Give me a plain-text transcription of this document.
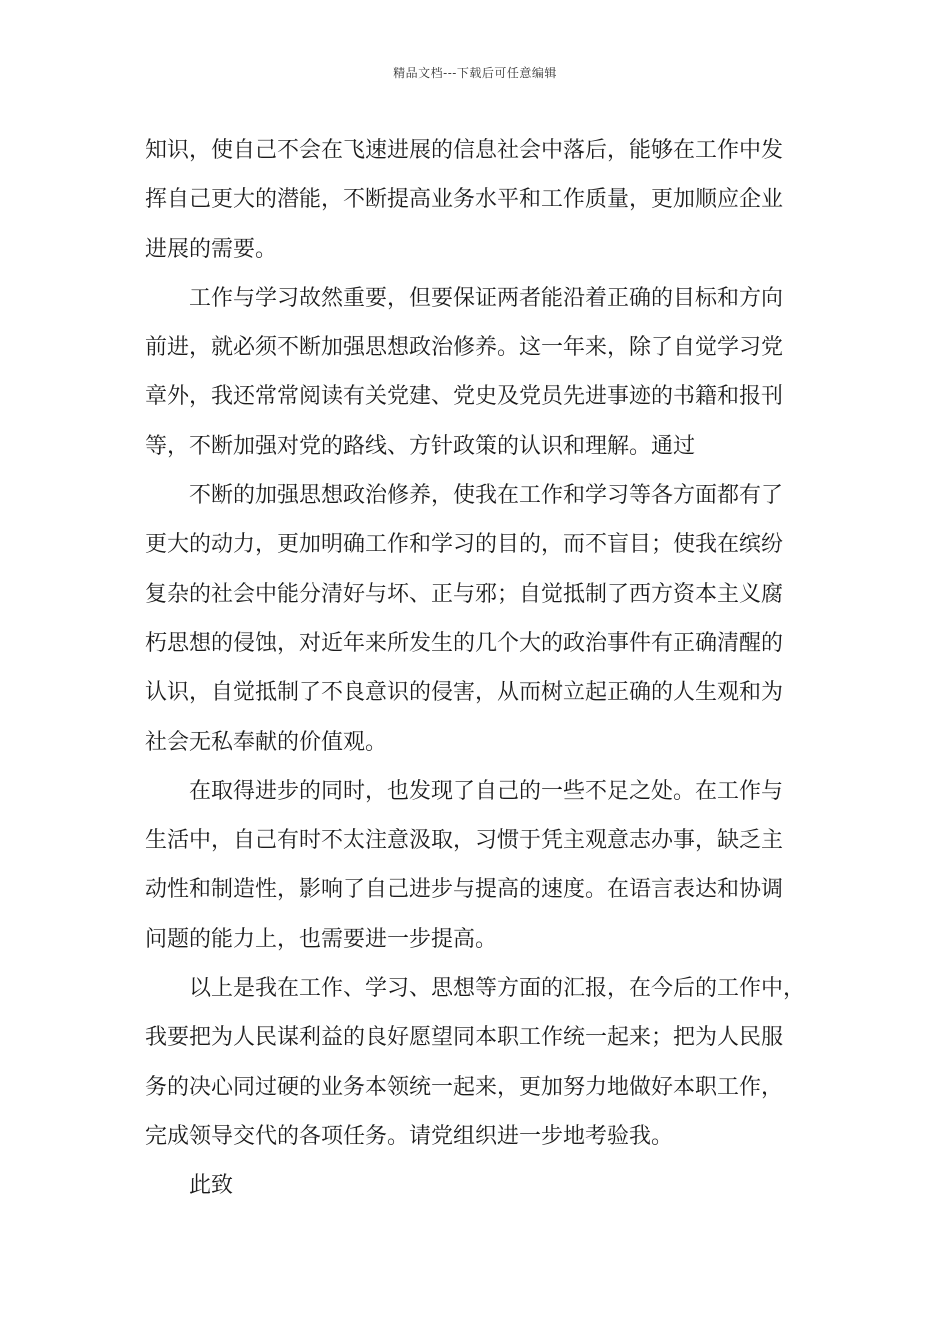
精品文档---下载后可任意编辑
知识，使自己不会在飞速进展的信息社会中落后，能够在工作中发
挥自己更大的潜能，不断提高业务水平和工作质量，更加顺应企业
进展的需要。
工作与学习故然重要，但要保证两者能沿着正确的目标和方向
前进，就必须不断加强思想政治修养。这一年来，除了自觉学习党
章外，我还常常阅读有关党建、党史及党员先进事迹的书籍和报刊
等，不断加强对党的路线、方针政策的认识和理解。通过
不断的加强思想政治修养，使我在工作和学习等各方面都有了
更大的动力，更加明确工作和学习的目的，而不盲目；使我在缤纷
复杂的社会中能分清好与坏、正与邪；自觉抵制了西方资本主义腐
朽思想的侵蚀，对近年来所发生的几个大的政治事件有正确清醒的
认识，自觉抵制了不良意识的侵害，从而树立起正确的人生观和为
社会无私奉献的价值观。
在取得进步的同时，也发现了自己的一些不足之处。在工作与
生活中，自己有时不太注意汲取，习惯于凭主观意志办事，缺乏主
动性和制造性，影响了自己进步与提高的速度。在语言表达和协调
问题的能力上，也需要进一步提高。
以上是我在工作、学习、思想等方面的汇报，在今后的工作中，
我要把为人民谋利益的良好愿望同本职工作统一起来；把为人民服
务的决心同过硬的业务本领统一起来，更加努力地做好本职工作，
完成领导交代的各项任务。请党组织进一步地考验我。
此致
